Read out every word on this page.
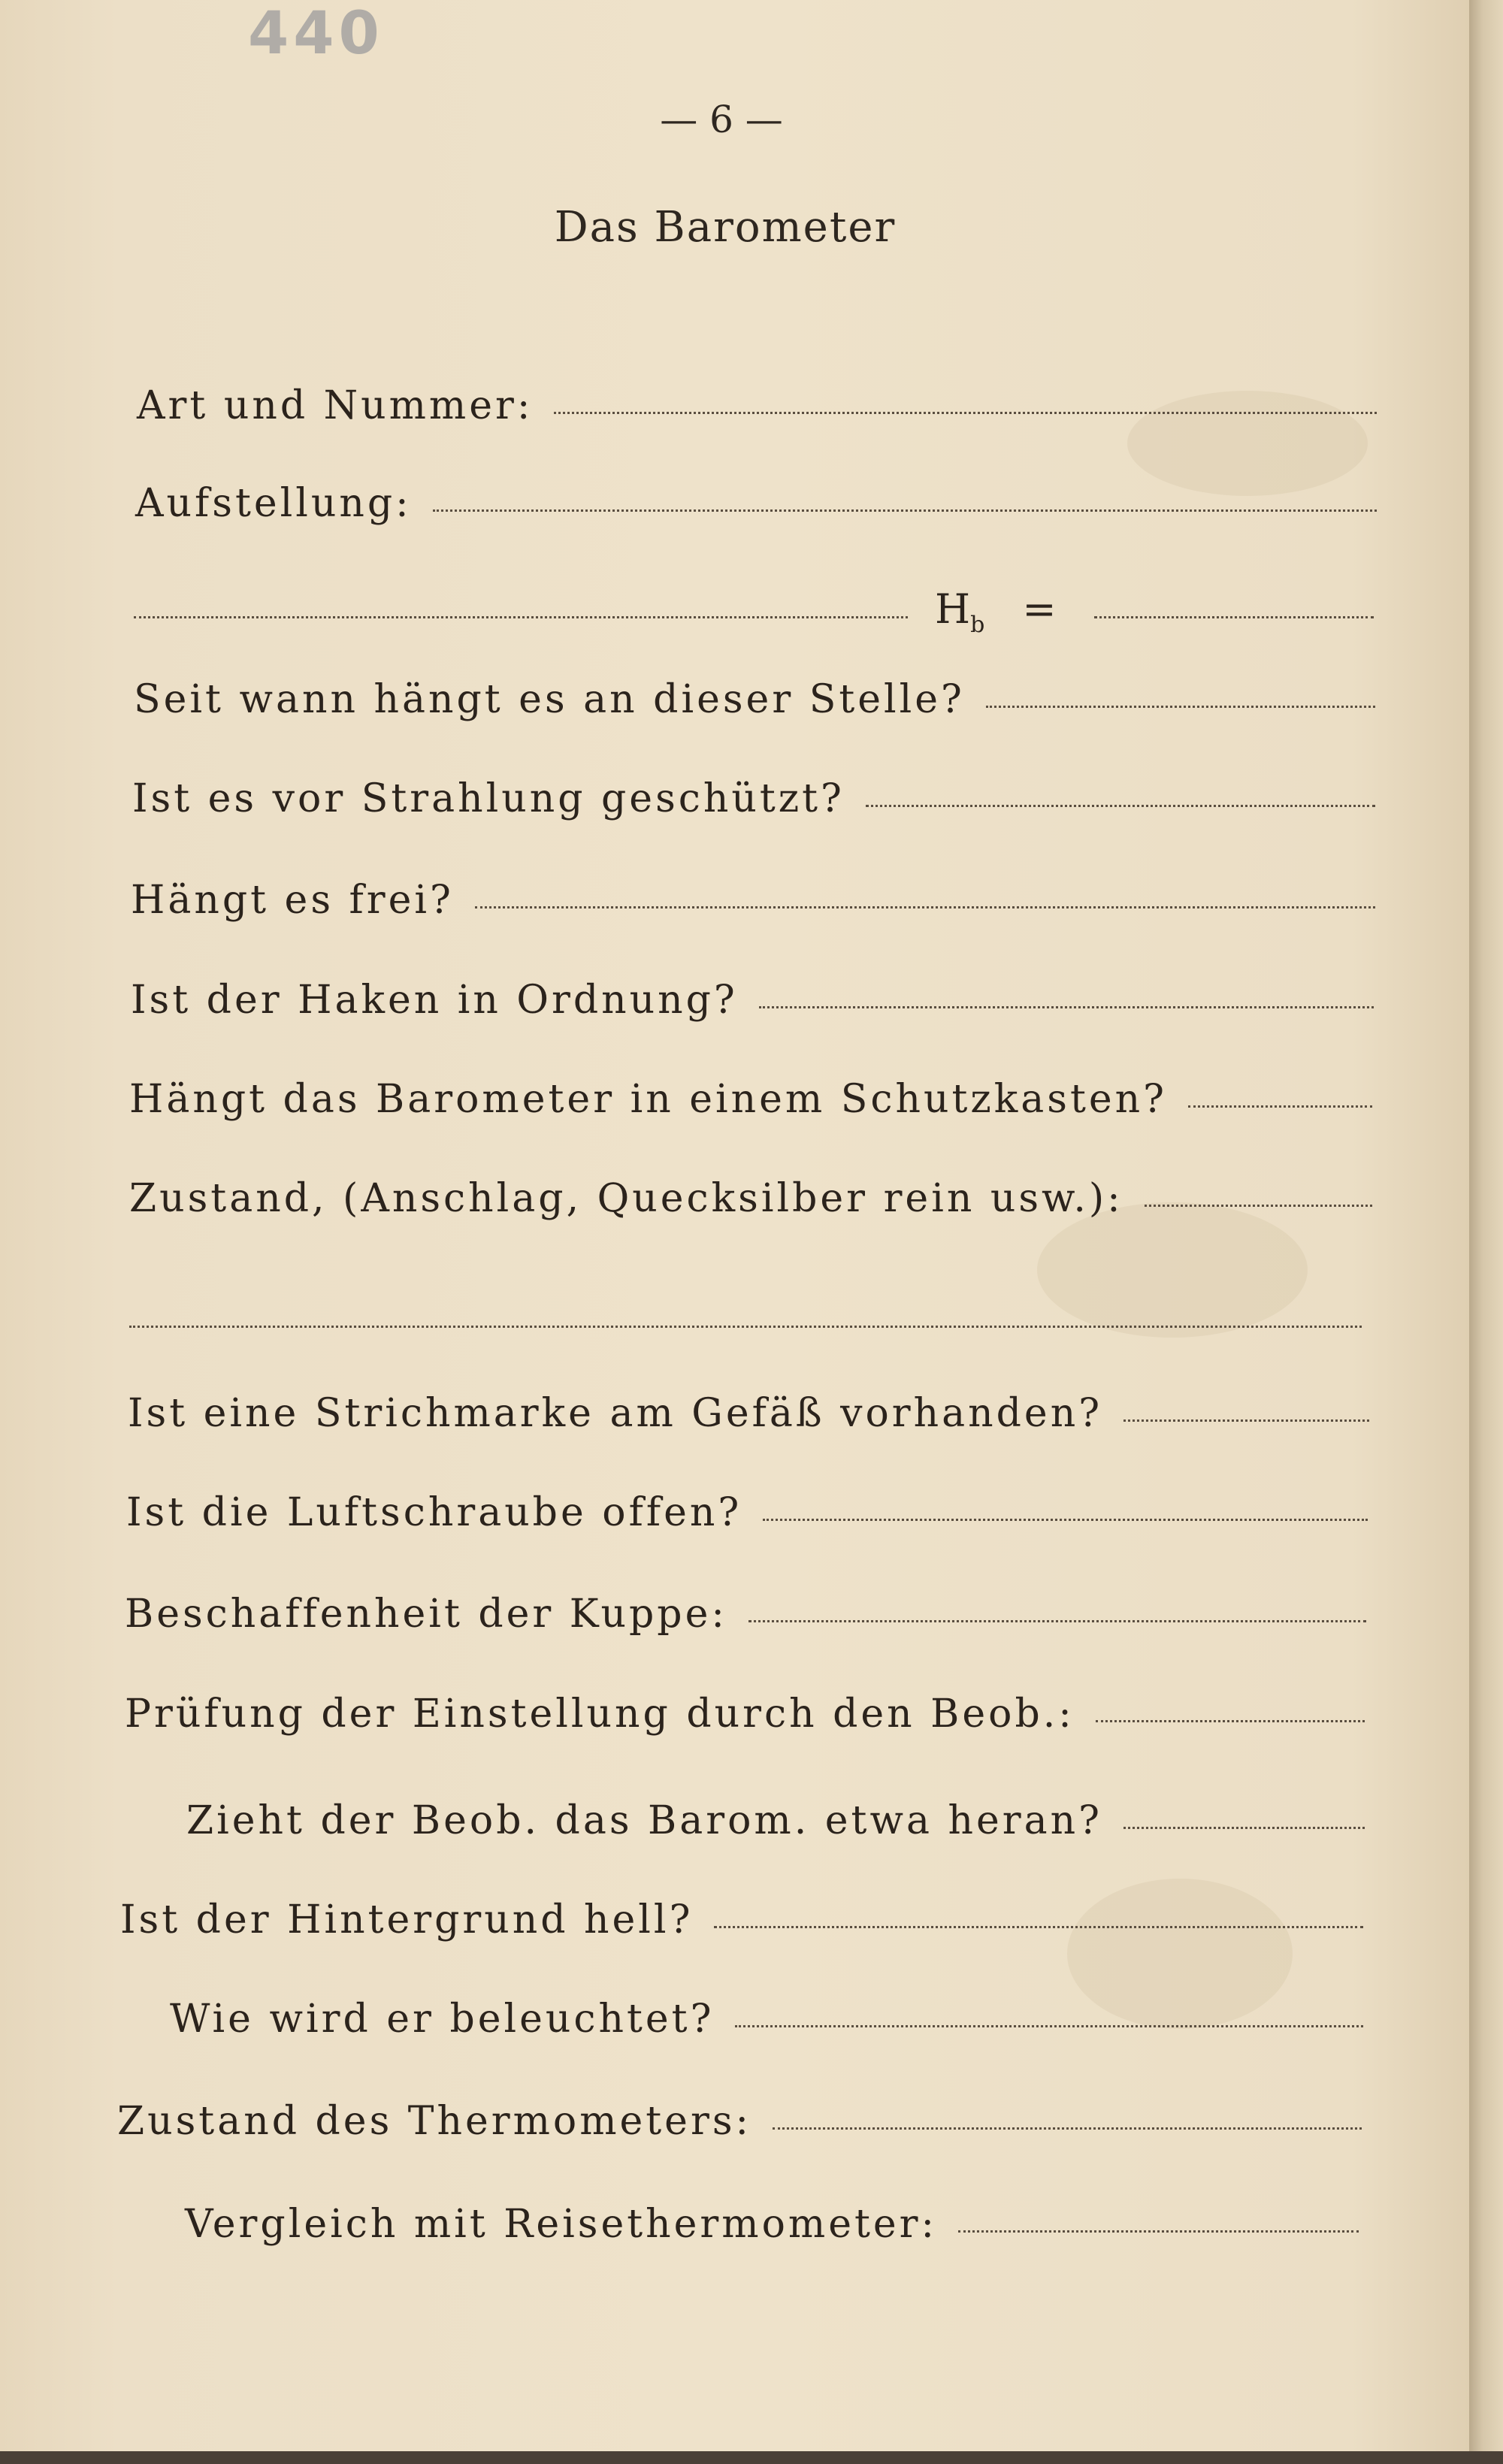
440
— 6 —
Das Barometer
Art und Nummer:
Aufstellung:
$H_b$ =
Seit wann hängt es an dieser Stelle?
Ist es vor Strahlung geschützt?
Hängt es frei?
Ist der Haken in Ordnung?
Hängt das Barometer in einem Schutzkasten?
Zustand, (Anschlag, Quecksilber rein usw.):
Ist eine Strichmarke am Gefäß vorhanden?
Ist die Luftschraube offen?
Beschaffenheit der Kuppe:
Prüfung der Einstellung durch den Beob.:
Zieht der Beob. das Barom. etwa heran?
Ist der Hintergrund hell?
Wie wird er beleuchtet?
Zustand des Thermometers:
Vergleich mit Reisethermometer:
